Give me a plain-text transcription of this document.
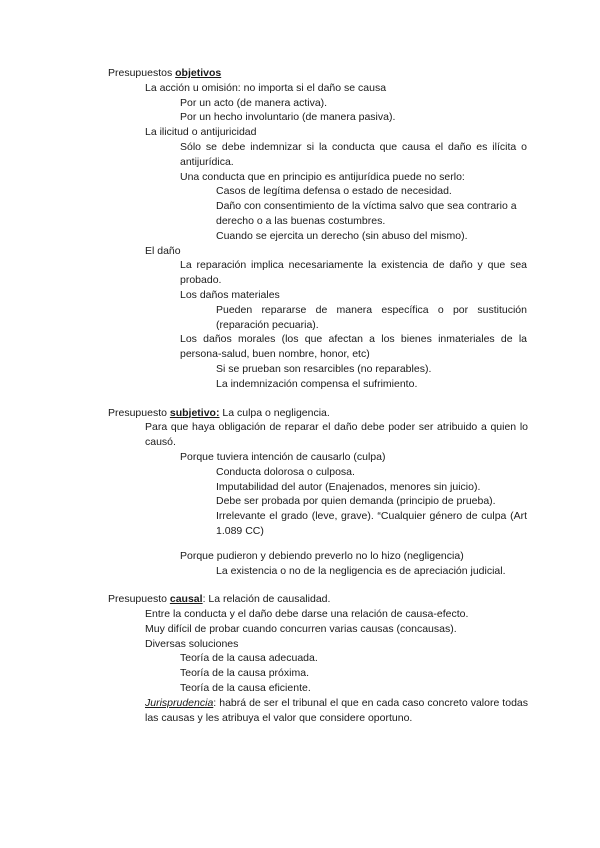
Presupuestos objetivos
La acción u omisión: no importa si el daño se causa
Por un acto (de manera activa).
Por un hecho involuntario (de manera pasiva).
La ilicitud o antijuricidad
Sólo se debe indemnizar si la conducta que causa el daño es ilícita o antijurídica.
Una conducta que en principio es antijurídica puede no serlo:
Casos de legítima defensa o estado de necesidad.
Daño con consentimiento de la víctima salvo que sea contrario a derecho o a las buenas costumbres.
Cuando se ejercita un derecho (sin abuso del mismo).
El daño
La reparación implica necesariamente la existencia de daño y que sea probado.
Los daños materiales
Pueden repararse de manera específica o por sustitución (reparación pecuaria).
Los daños morales (los que afectan a los bienes inmateriales de la persona-salud, buen nombre, honor, etc)
Si se prueban son resarcibles (no reparables).
La indemnización compensa el sufrimiento.
Presupuesto subjetivo: La culpa o negligencia.
Para que haya obligación de reparar el daño debe poder ser atribuido a quien lo causó.
Porque tuviera intención de causarlo (culpa)
Conducta dolorosa o culposa.
Imputabilidad del autor (Enajenados, menores sin juicio).
Debe ser probada por quien demanda (principio de prueba).
Irrelevante el grado (leve, grave). “Cualquier género de culpa (Art 1.089 CC)
Porque pudieron y debiendo preverlo no lo hizo (negligencia)
La existencia o no de la negligencia es de apreciación judicial.
Presupuesto causal: La relación de causalidad.
Entre la conducta y el daño debe darse una relación de causa-efecto.
Muy difícil de probar cuando concurren varias causas (concausas).
Diversas soluciones
Teoría de la causa adecuada.
Teoría de la causa próxima.
Teoría de la causa eficiente.
Jurisprudencia: habrá de ser el tribunal el que en cada caso concreto valore todas las causas y les atribuya el valor que considere oportuno.
